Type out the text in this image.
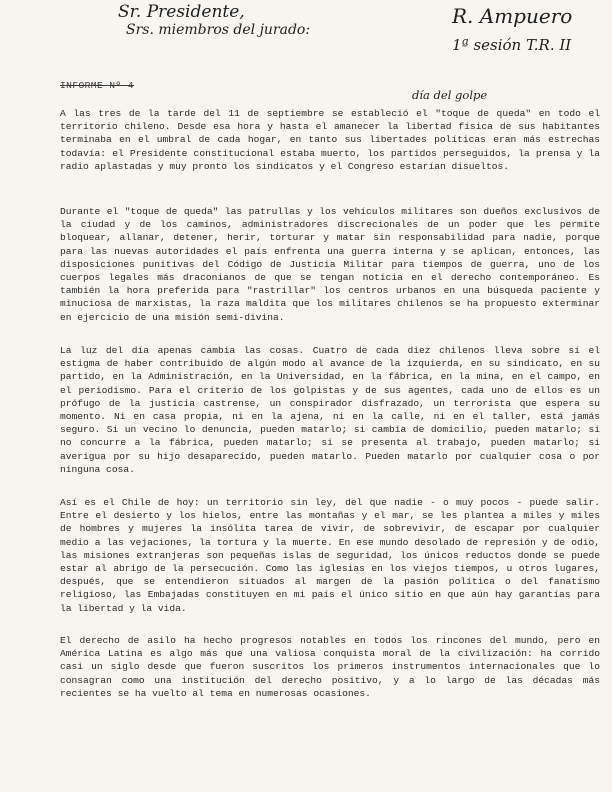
Sr. Presidente,
Srs. miembros del jurado:
R. Ampuero
1ª sesión T.R. II
día del golpe
INFORME Nº 4

A las tres de la tarde del 11 de septiembre se estableció el "toque de queda" en todo el territorio chileno. Desde esa hora y hasta el amanecer la libertad física de sus habitantes terminaba en el umbral de cada hogar, en tanto sus libertades políticas eran más estrechas todavía: el Presidente constitucional estaba muerto, los partidos perseguidos, la prensa y la radio aplastadas y muy pronto los sindicatos y el Congreso estarían disueltos.

Durante el "toque de queda" las patrullas y los vehículos militares son dueños exclusivos de la ciudad y de los caminos, administradores discrecionales de un poder que les permite bloquear, allanar, detener, herir, torturar y matar sin responsabilidad para nadie, porque para las nuevas autoridades el país enfrenta una guerra interna y se aplican, entonces, las disposiciones punitivas del Código de Justicia Militar para tiempos de guerra, uno de los cuerpos legales más draconianos de que se tengan noticia en el derecho contemporáneo. Es también la hora preferida para "rastrillar" los centros urbanos en una búsqueda paciente y minuciosa de marxistas, la raza maldita que los militares chilenos se ha propuesto exterminar en ejercicio de una misión semi-divina.

La luz del día apenas cambia las cosas. Cuatro de cada diez chilenos lleva sobre sí el estigma de haber contribuido de algún modo al avance de la izquierda, en su sindicato, en su partido, en la Administración, en la Universidad, en la fábrica, en la mina, en el campo, en el periodismo. Para el criterio de los golpistas y de sus agentes, cada uno de ellos es un prófugo de la justicia castrense, un conspirador disfrazado, un terrorista que espera su momento. Ni en casa propia, ni en la ajena, ni en la calle, ni en el taller, está jamás seguro. Si un vecino lo denuncia, pueden matarlo; si cambia de domicilio, pueden matarlo; si no concurre a la fábrica, pueden matarlo; si se presenta al trabajo, pueden matarlo; si averigua por su hijo desaparecido, pueden matarlo. Pueden matarlo por cualquier cosa o por ninguna cosa.

Así es el Chile de hoy: un territorio sin ley, del que nadie - o muy pocos - puede salir. Entre el desierto y los hielos, entre las montañas y el mar, se les plantea a miles y miles de hombres y mujeres la insólita tarea de vivir, de sobrevivir, de escapar por cualquier medio a las vejaciones, la tortura y la muerte. En ese mundo desolado de represión y de odio, las misiones extranjeras son pequeñas islas de seguridad, los únicos reductos donde se puede estar al abrigo de la persecución. Como las iglesias en los viejos tiempos, u otros lugares, después, que se entendieron situados al margen de la pasión política o del fanatismo religioso, las Embajadas constituyen en mi país el único sitio en que aún hay garantías para la libertad y la vida.

El derecho de asilo ha hecho progresos notables en todos los rincones del mundo, pero en América Latina es algo más que una valiosa conquista moral de la civilización: ha corrido casi un siglo desde que fueron suscritos los primeros instrumentos internacionales que lo consagran como una institución del derecho positivo, y a lo largo de las décadas más recientes se ha vuelto al tema en numerosas ocasiones.
